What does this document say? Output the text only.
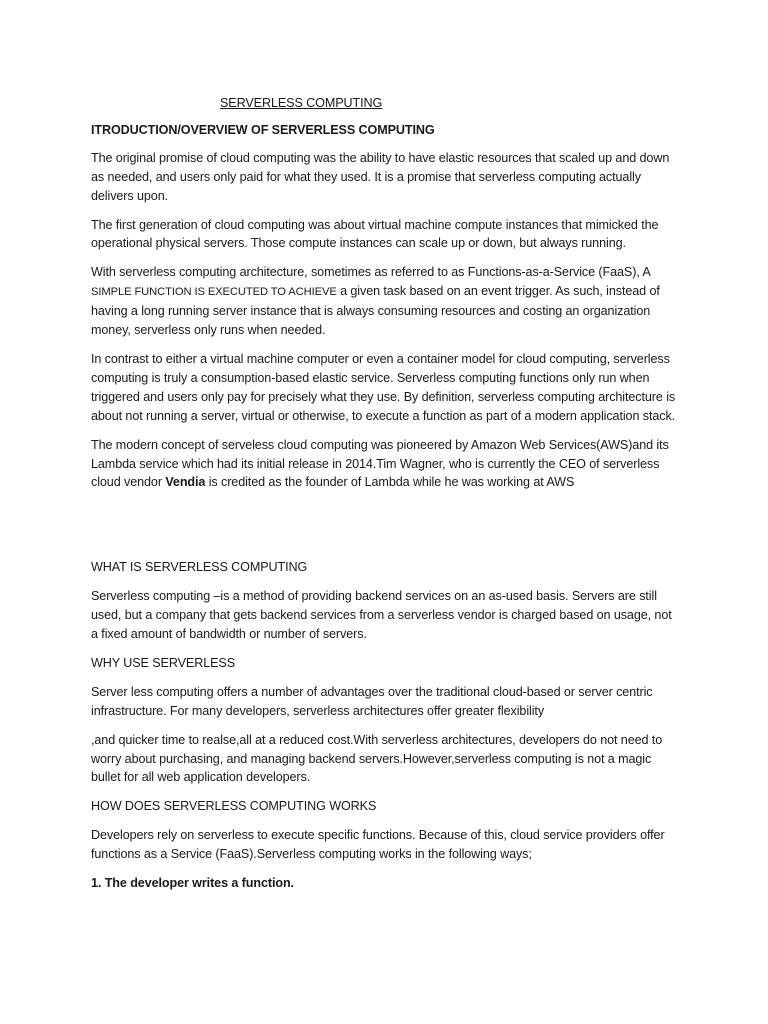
SERVERLESS COMPUTING
ITRODUCTION/OVERVIEW OF SERVERLESS COMPUTING

The original promise of cloud computing was the ability to have elastic resources that scaled up and down as needed, and users only paid for what they used. It is a promise that serverless computing actually delivers upon.

The first generation of cloud computing was about virtual machine compute instances that mimicked the operational physical servers. Those compute instances can scale up or down, but always running.

With serverless computing architecture, sometimes as referred to as Functions-as-a-Service (FaaS), A SIMPLE FUNCTION IS EXECUTED TO ACHIEVE a given task based on an event trigger. As such, instead of having a long running server instance that is always consuming resources and costing an organization money, serverless only runs when needed.

In contrast to either a virtual machine computer or even a container model for cloud computing, serverless computing is truly a consumption-based elastic service. Serverless computing functions only run when triggered and users only pay for precisely what they use. By definition, serverless computing architecture is about not running a server, virtual or otherwise, to execute a function as part of a modern application stack.

The modern concept of serveless cloud computing was pioneered by Amazon Web Services(AWS)and its Lambda service which had its initial release in 2014.Tim Wagner, who is currently the CEO of serverless cloud vendor Vendia is credited as the founder of Lambda while he was working at AWS

WHAT IS SERVERLESS COMPUTING

Serverless computing –is a method of providing backend services on an as-used basis. Servers are still used, but a company that gets backend services from a serverless vendor is charged based on usage, not a fixed amount of bandwidth or number of servers.

WHY USE SERVERLESS

Server less computing offers a number of advantages over the traditional cloud-based or server centric infrastructure. For many developers, serverless architectures offer greater flexibility

,and quicker time to realse,all at a reduced cost.With serverless architectures, developers do not need to worry about purchasing, and managing backend servers.However,serverless computing is not a magic bullet for all web application developers.

HOW DOES SERVERLESS COMPUTING WORKS

Developers rely on serverless to execute specific functions. Because of this, cloud service providers offer functions as a Service (FaaS).Serverless computing works in the following ways;

1. The developer writes a function.
